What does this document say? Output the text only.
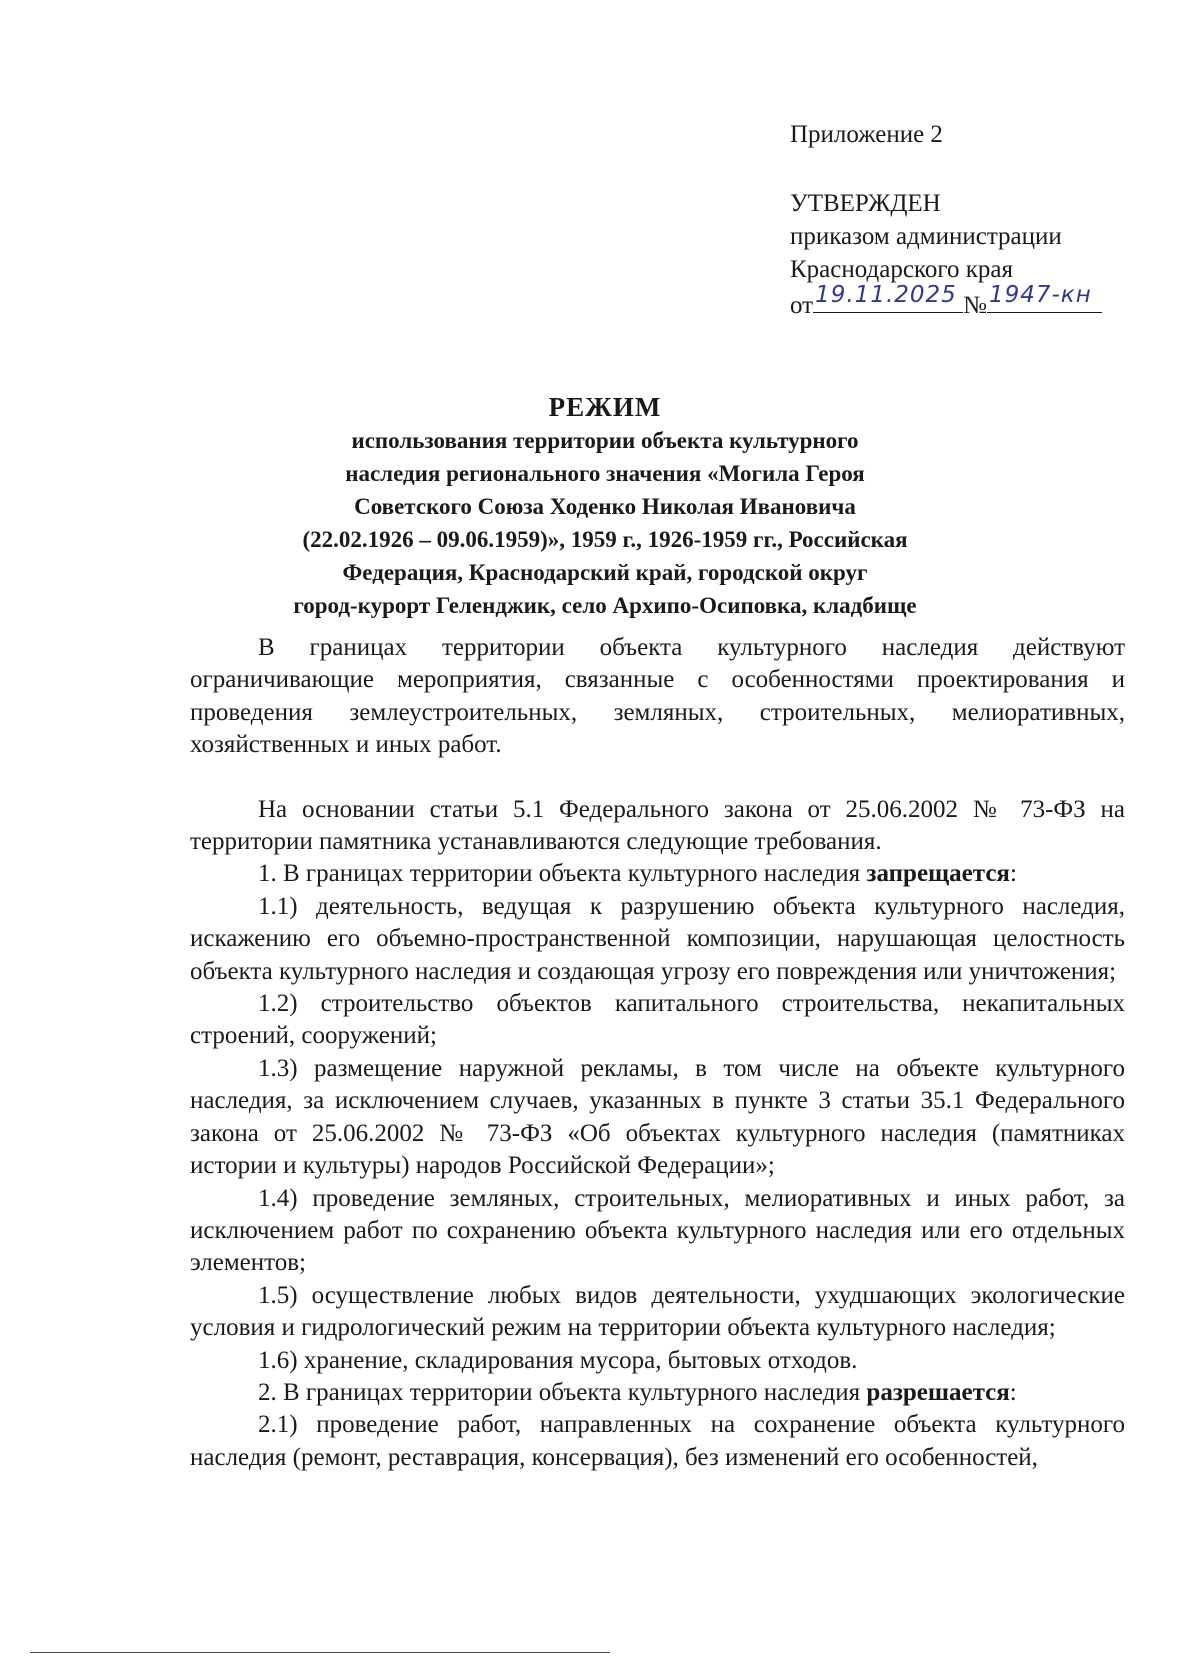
Приложение 2
УТВЕРЖДЕН
приказом администрации
Краснодарского края
от 19.11.2025 № 1947-кн
РЕЖИМ
использования территории объекта культурного
наследия регионального значения «Могила Героя
Советского Союза Ходенко Николая Ивановича
(22.02.1926 – 09.06.1959)», 1959 г., 1926-1959 гг., Российская
Федерация, Краснодарский край, городской округ
город-курорт Геленджик, село Архипо-Осиповка, кладбище

В границах территории объекта культурного наследия действуют ограничивающие мероприятия, связанные с особенностями проектирования и проведения землеустроительных, земляных, строительных, мелиоративных, хозяйственных и иных работ.

На основании статьи 5.1 Федерального закона от 25.06.2002 № 73-ФЗ на территории памятника устанавливаются следующие требования.

1. В границах территории объекта культурного наследия запрещается:

1.1) деятельность, ведущая к разрушению объекта культурного наследия, искажению его объемно-пространственной композиции, нарушающая целостность объекта культурного наследия и создающая угрозу его повреждения или уничтожения;

1.2) строительство объектов капитального строительства, некапитальных строений, сооружений;

1.3) размещение наружной рекламы, в том числе на объекте культурного наследия, за исключением случаев, указанных в пункте 3 статьи 35.1 Федерального закона от 25.06.2002 № 73-ФЗ «Об объектах культурного наследия (памятниках истории и культуры) народов Российской Федерации»;

1.4) проведение земляных, строительных, мелиоративных и иных работ, за исключением работ по сохранению объекта культурного наследия или его отдельных элементов;

1.5) осуществление любых видов деятельности, ухудшающих экологические условия и гидрологический режим на территории объекта культурного наследия;

1.6) хранение, складирования мусора, бытовых отходов.

2. В границах территории объекта культурного наследия разрешается:

2.1) проведение работ, направленных на сохранение объекта культурного наследия (ремонт, реставрация, консервация), без изменений его особенностей,
